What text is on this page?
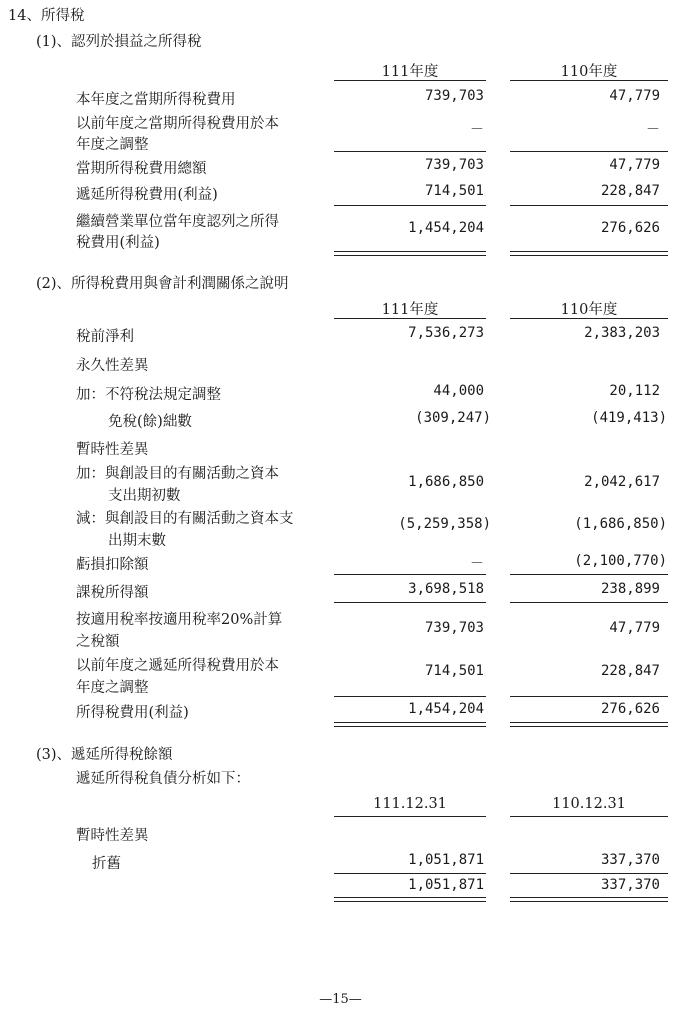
14、所得稅
(1)、認列於損益之所得稅
111年度	110年度
本年度之當期所得稅費用	739,703	47,779
以前年度之當期所得稅費用於本
年度之調整
－	－
當期所得稅費用總額	739,703	47,779
遞延所得稅費用(利益)	714,501	228,847
繼續營業單位當年度認列之所得
稅費用(利益)
1,454,204	276,626
(2)、所得稅費用與會計利潤關係之說明
111年度	110年度
稅前淨利	7,536,273	2,383,203
永久性差異
加：不符稅法規定調整	44,000	20,112
免稅(餘)絀數	(309,247)	(419,413)
暫時性差異
加：與創設目的有關活動之資本
支出期初數
1,686,850	2,042,617
減：與創設目的有關活動之資本支
出期末數
(5,259,358)	(1,686,850)
虧損扣除額	－	(2,100,770)
課稅所得額	3,698,518	238,899
按適用稅率按適用稅率20%計算
之稅額
739,703	47,779
以前年度之遞延所得稅費用於本
年度之調整
714,501	228,847
所得稅費用(利益)	1,454,204	276,626
(3)、遞延所得稅餘額
遞延所得稅負債分析如下：
111.12.31	110.12.31
暫時性差異
折舊	1,051,871	337,370
1,051,871	337,370
—15—
